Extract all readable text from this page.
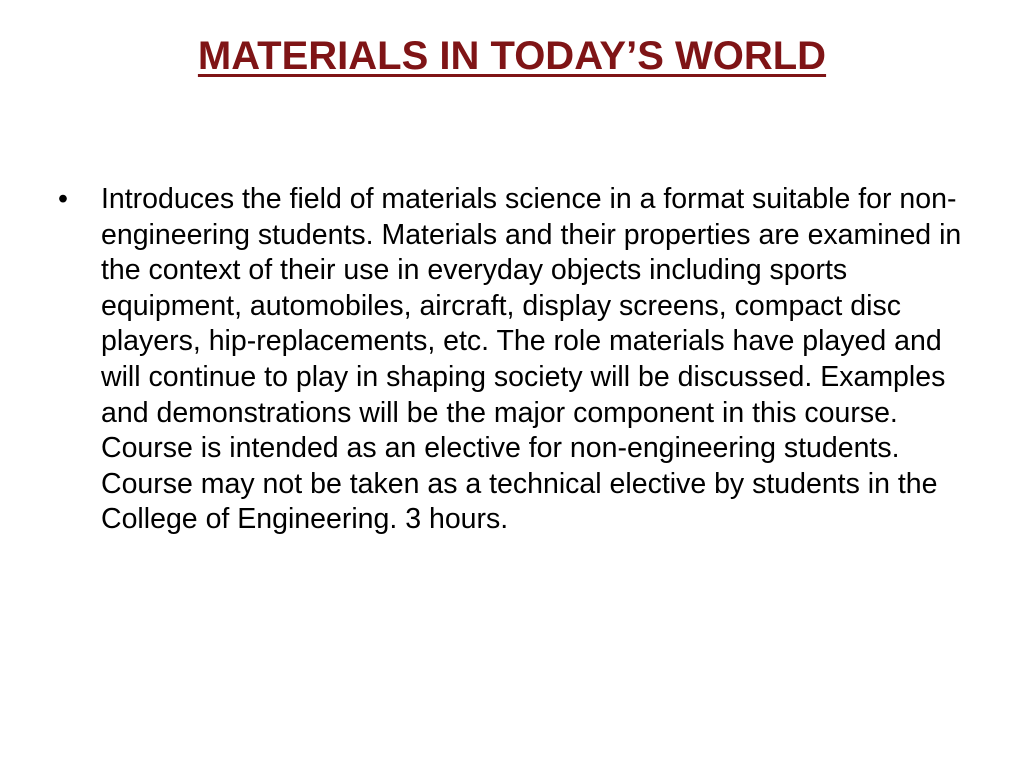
MATERIALS IN TODAY’S WORLD
• Introduces the field of materials science in a format suitable for non-engineering students. Materials and their properties are examined in the context of their use in everyday objects including sports equipment, automobiles, aircraft, display screens, compact disc players, hip-replacements, etc. The role materials have played and will continue to play in shaping society will be discussed. Examples and demonstrations will be the major component in this course. Course is intended as an elective for non-engineering students. Course may not be taken as a technical elective by students in the College of Engineering. 3 hours.
